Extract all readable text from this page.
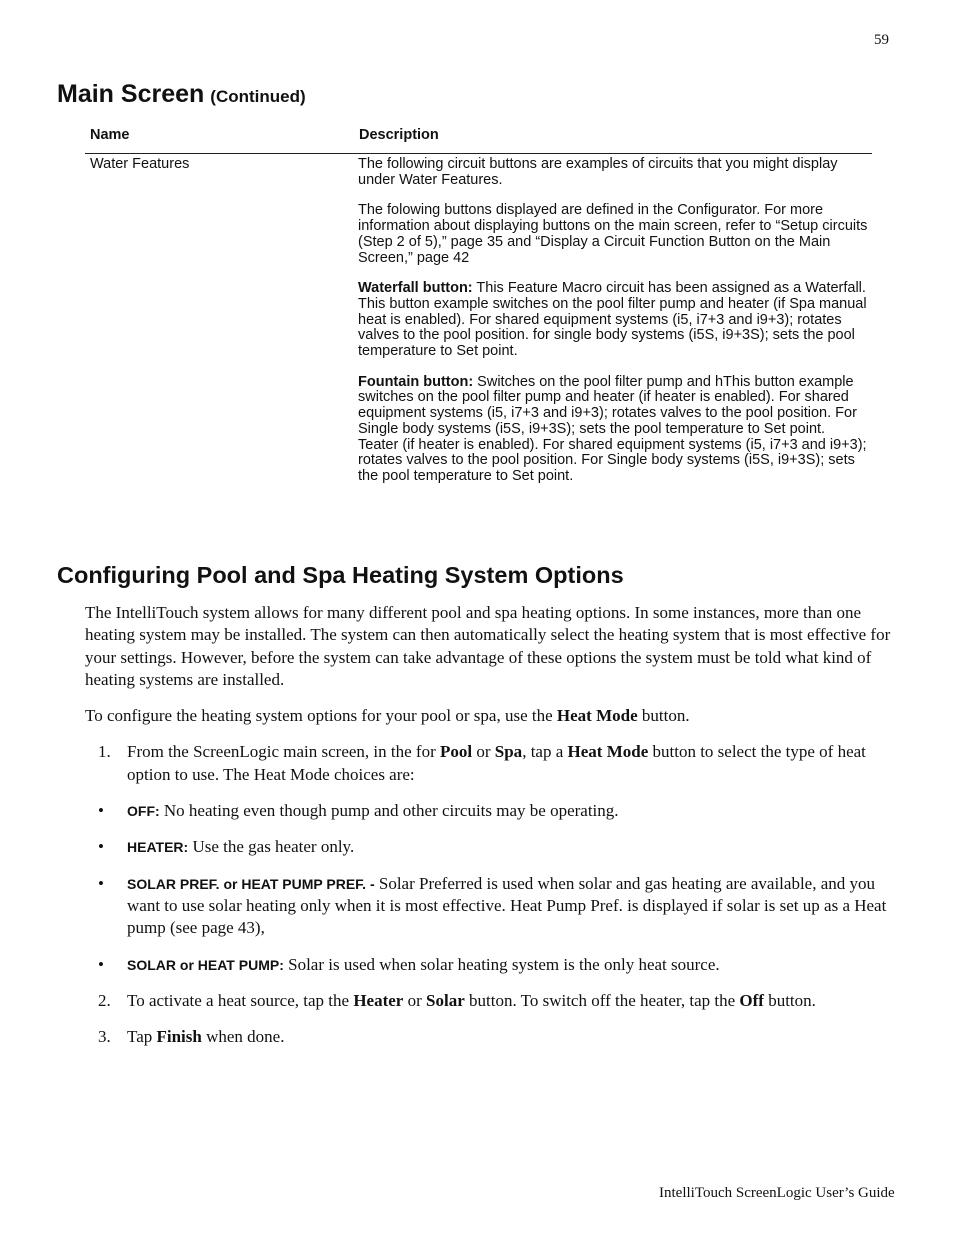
59
Main Screen (Continued)
Name	Description
Water Features	The following circuit buttons are examples of circuits that you might display under Water Features.

The folowing buttons displayed are defined in the Configurator. For more information about displaying buttons on the main screen, refer to “Setup circuits (Step 2 of 5),” page 35 and “Display a Circuit Function Button on the Main Screen,” page 42

Waterfall button: This Feature Macro circuit has been assigned as a Waterfall. This button example switches on the pool filter pump and heater (if Spa manual heat is enabled). For shared equipment systems (i5, i7+3 and i9+3); rotates valves to the pool position. for single body systems (i5S, i9+3S); sets the pool temperature to Set point.

Fountain button: Switches on the pool filter pump and hThis button example switches on the pool filter pump and heater (if heater is enabled). For shared equipment systems (i5, i7+3 and i9+3); rotates valves to the pool position. For Single body systems (i5S, i9+3S); sets the pool temperature to Set point. Teater (if heater is enabled). For shared equipment systems (i5, i7+3 and i9+3); rotates valves to the pool position. For Single body systems (i5S, i9+3S); sets the pool temperature to Set point.

Configuring Pool and Spa Heating System Options

The IntelliTouch system allows for many different pool and spa heating options. In some instances, more than one heating system may be installed. The system can then automatically select the heating system that is most effective for your settings. However, before the system can take advantage of these options the system must be told what kind of heating systems are installed.

To configure the heating system options for your pool or spa, use the Heat Mode button.

1. From the ScreenLogic main screen, in the for Pool or Spa, tap a Heat Mode button to select the type of heat option to use. The Heat Mode choices are:
• OFF: No heating even though pump and other circuits may be operating.
• HEATER: Use the gas heater only.
• SOLAR PREF. or HEAT PUMP PREF. - Solar Preferred is used when solar and gas heating are available, and you want to use solar heating only when it is most effective. Heat Pump Pref. is displayed if solar is set up as a Heat pump (see page 43),
• SOLAR or HEAT PUMP: Solar is used when solar heating system is the only heat source.
2. To activate a heat source, tap the Heater or Solar button. To switch off the heater, tap the Off button.
3. Tap Finish when done.
IntelliTouch ScreenLogic User’s Guide
